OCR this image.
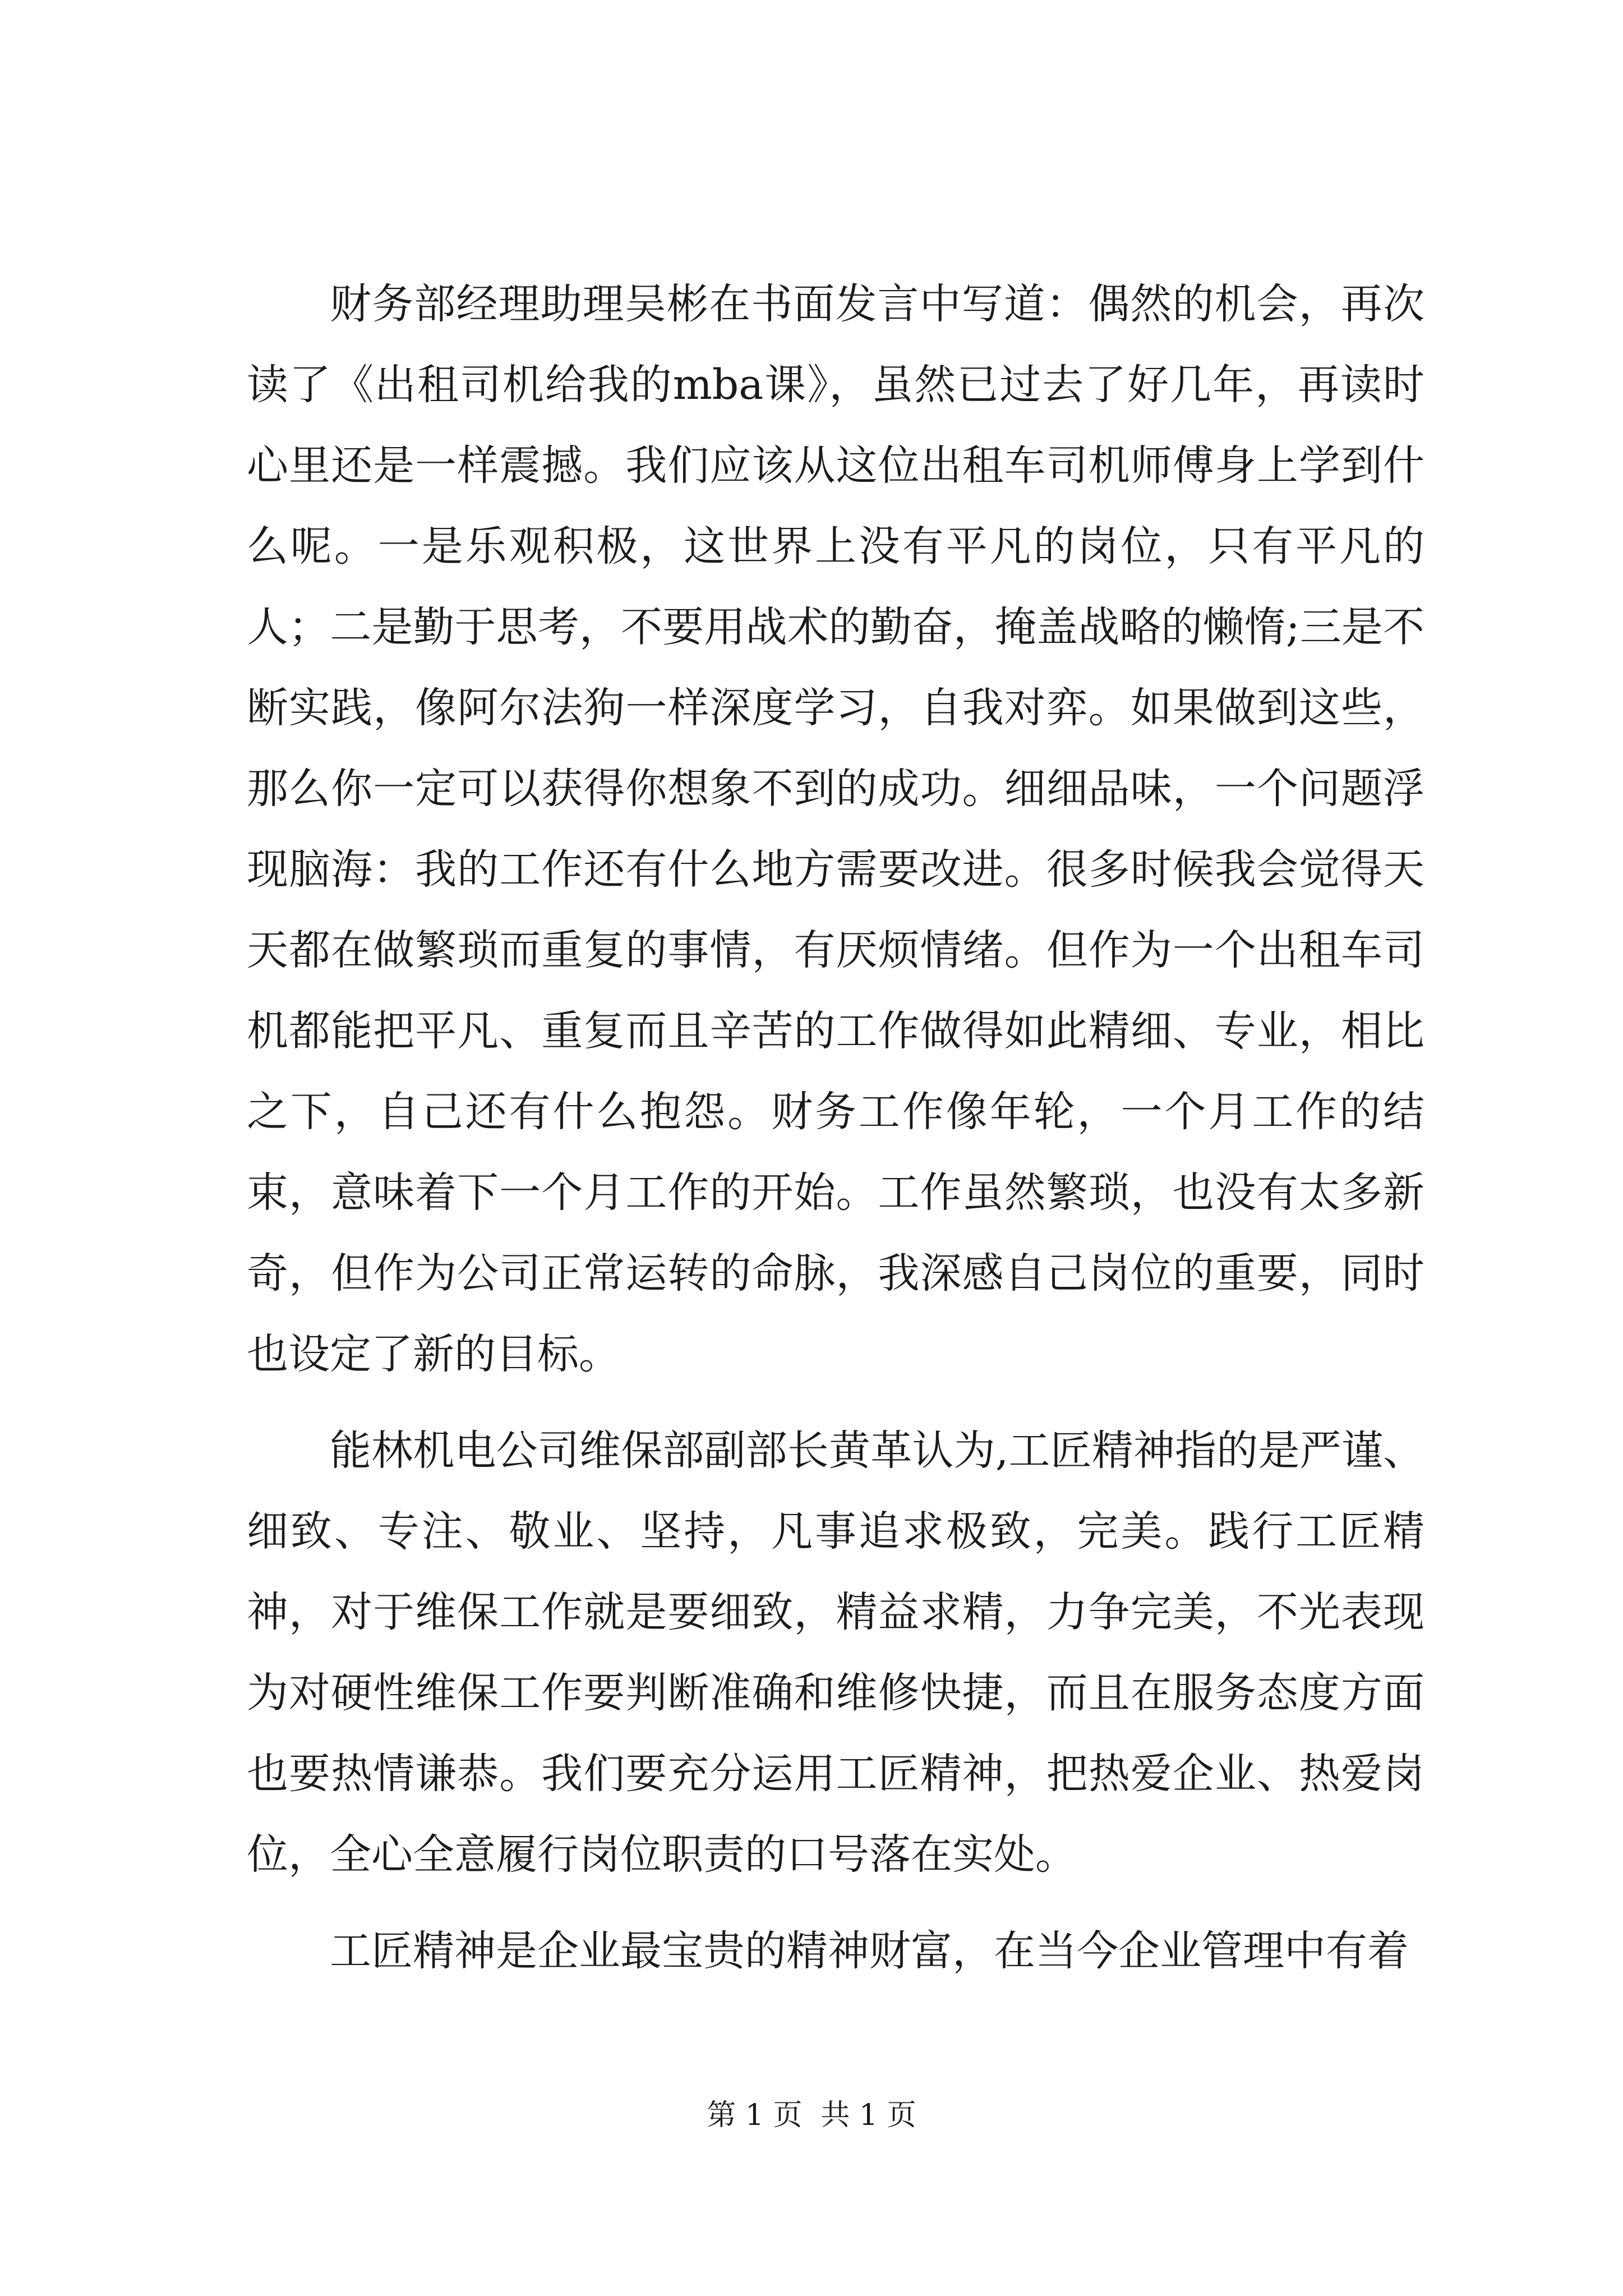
财务部经理助理吴彬在书面发言中写道：偶然的机会，再次读了《出租司机给我的mba课》，虽然已过去了好几年，再读时心里还是一样震撼。我们应该从这位出租车司机师傅身上学到什么呢。一是乐观积极，这世界上没有平凡的岗位，只有平凡的人；二是勤于思考，不要用战术的勤奋，掩盖战略的懒惰;三是不断实践，像阿尔法狗一样深度学习，自我对弈。如果做到这些，那么你一定可以获得你想象不到的成功。细细品味，一个问题浮现脑海：我的工作还有什么地方需要改进。很多时候我会觉得天天都在做繁琐而重复的事情，有厌烦情绪。但作为一个出租车司机都能把平凡、重复而且辛苦的工作做得如此精细、专业，相比之下，自己还有什么抱怨。财务工作像年轮，一个月工作的结束，意味着下一个月工作的开始。工作虽然繁琐，也没有太多新奇，但作为公司正常运转的命脉，我深感自己岗位的重要，同时也设定了新的目标。

能林机电公司维保部副部长黄革认为,工匠精神指的是严谨、细致、专注、敬业、坚持，凡事追求极致，完美。践行工匠精神，对于维保工作就是要细致，精益求精，力争完美，不光表现为对硬性维保工作要判断准确和维修快捷，而且在服务态度方面也要热情谦恭。我们要充分运用工匠精神，把热爱企业、热爱岗位，全心全意履行岗位职责的口号落在实处。

工匠精神是企业最宝贵的精神财富，在当今企业管理中有着

第 1 页  共 1 页
